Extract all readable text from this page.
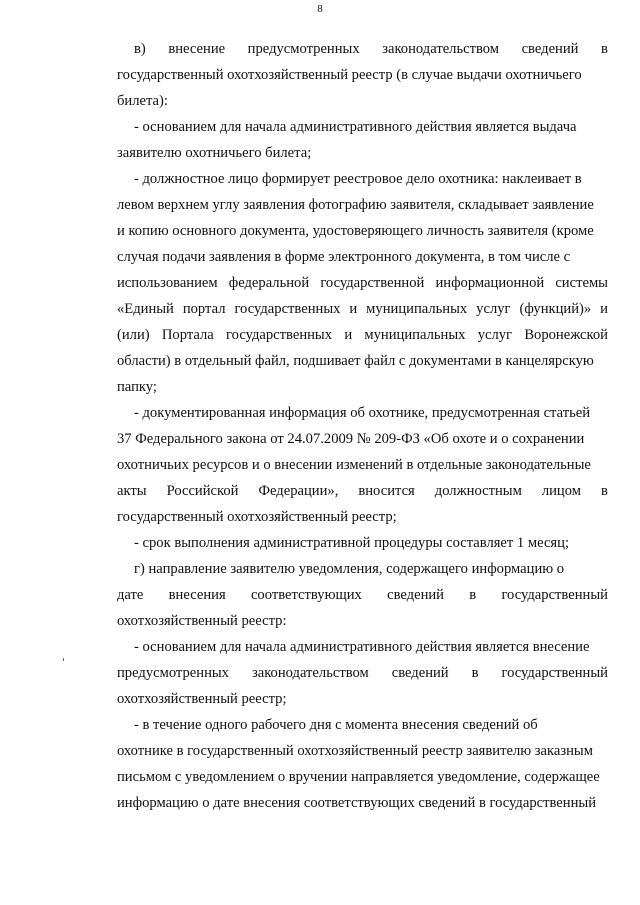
8
в) внесение предусмотренных законодательством сведений в
государственный охотхозяйственный реестр (в случае выдачи охотничьего
билета):
- основанием для начала административного действия является выдача
заявителю охотничьего билета;
- должностное лицо формирует реестровое дело охотника: наклеивает в
левом верхнем углу заявления фотографию заявителя, складывает заявление
и копию основного документа, удостоверяющего личность заявителя (кроме
случая подачи заявления в форме электронного документа, в том числе с
использованием федеральной государственной информационной системы
«Единый портал государственных и муниципальных услуг (функций)» и
(или) Портала государственных и муниципальных услуг Воронежской
области) в отдельный файл, подшивает файл с документами в канцелярскую
папку;
- документированная информация об охотнике, предусмотренная статьей
37 Федерального закона от 24.07.2009 № 209-ФЗ «Об охоте и о сохранении
охотничьих ресурсов и о внесении изменений в отдельные законодательные
акты Российской Федерации», вносится должностным лицом в
государственный охотхозяйственный реестр;
- срок выполнения административной процедуры составляет 1 месяц;
г) направление заявителю уведомления, содержащего информацию о
дате внесения соответствующих сведений в государственный
охотхозяйственный реестр:
- основанием для начала административного действия является внесение
предусмотренных законодательством сведений в государственный
охотхозяйственный реестр;
- в течение одного рабочего дня с момента внесения сведений об
охотнике в государственный охотхозяйственный реестр заявителю заказным
письмом с уведомлением о вручении направляется уведомление, содержащее
информацию о дате внесения соответствующих сведений в государственный
